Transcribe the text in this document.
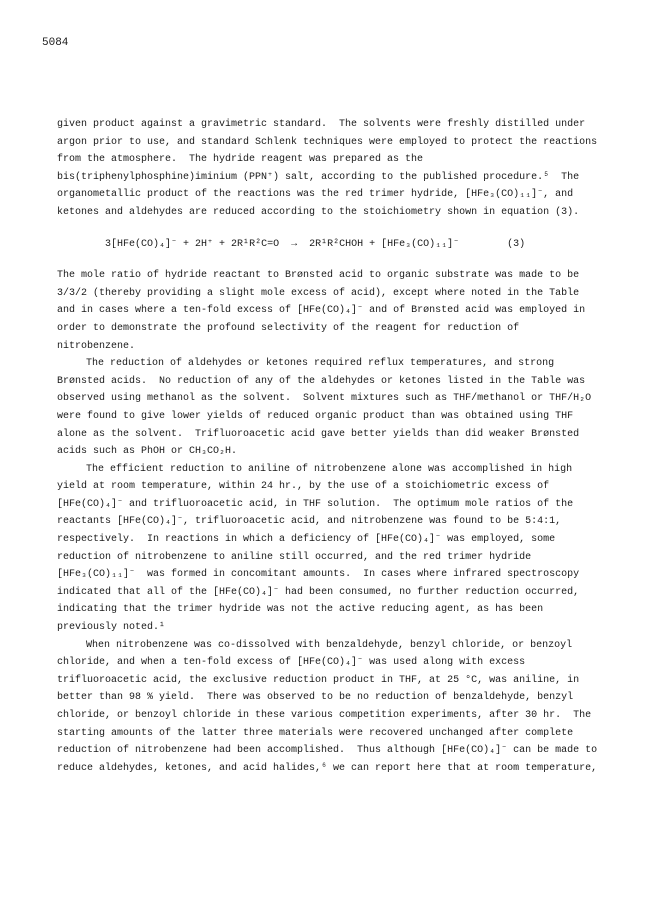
5084
given product against a gravimetric standard.  The solvents were freshly distilled under
argon prior to use, and standard Schlenk techniques were employed to protect the reactions
from the atmosphere.  The hydride reagent was prepared as the
bis(triphenylphosphine)iminium (PPN⁺) salt, according to the published procedure.⁵  The
organometallic product of the reactions was the red trimer hydride, [HFe₃(CO)₁₁]⁻, and
ketones and aldehydes are reduced according to the stoichiometry shown in equation (3).
3[HFe(CO)₄]⁻ + 2H⁺ + 2R¹R²C=O  →  2R¹R²CHOH + [HFe₃(CO)₁₁]⁻        (3)
The mole ratio of hydride reactant to Brønsted acid to organic substrate was made to be
3/3/2 (thereby providing a slight mole excess of acid), except where noted in the Table
and in cases where a ten-fold excess of [HFe(CO)₄]⁻ and of Brønsted acid was employed in
order to demonstrate the profound selectivity of the reagent for reduction of
nitrobenzene.
The reduction of aldehydes or ketones required reflux temperatures, and strong
Brønsted acids.  No reduction of any of the aldehydes or ketones listed in the Table was
observed using methanol as the solvent.  Solvent mixtures such as THF/methanol or THF/H₂O
were found to give lower yields of reduced organic product than was obtained using THF
alone as the solvent.  Trifluoroacetic acid gave better yields than did weaker Brønsted
acids such as PhOH or CH₃CO₂H.
The efficient reduction to aniline of nitrobenzene alone was accomplished in high
yield at room temperature, within 24 hr., by the use of a stoichiometric excess of
[HFe(CO)₄]⁻ and trifluoroacetic acid, in THF solution.  The optimum mole ratios of the
reactants [HFe(CO)₄]⁻, trifluoroacetic acid, and nitrobenzene was found to be 5:4:1,
respectively.  In reactions in which a deficiency of [HFe(CO)₄]⁻ was employed, some
reduction of nitrobenzene to aniline still occurred, and the red trimer hydride
[HFe₃(CO)₁₁]⁻  was formed in concomitant amounts.  In cases where infrared spectroscopy
indicated that all of the [HFe(CO)₄]⁻ had been consumed, no further reduction occurred,
indicating that the trimer hydride was not the active reducing agent, as has been
previously noted.¹
When nitrobenzene was co-dissolved with benzaldehyde, benzyl chloride, or benzoyl
chloride, and when a ten-fold excess of [HFe(CO)₄]⁻ was used along with excess
trifluoroacetic acid, the exclusive reduction product in THF, at 25 °C, was aniline, in
better than 98 % yield.  There was observed to be no reduction of benzaldehyde, benzyl
chloride, or benzoyl chloride in these various competition experiments, after 30 hr.  The
starting amounts of the latter three materials were recovered unchanged after complete
reduction of nitrobenzene had been accomplished.  Thus although [HFe(CO)₄]⁻ can be made to
reduce aldehydes, ketones, and acid halides,⁶ we can report here that at room temperature,
